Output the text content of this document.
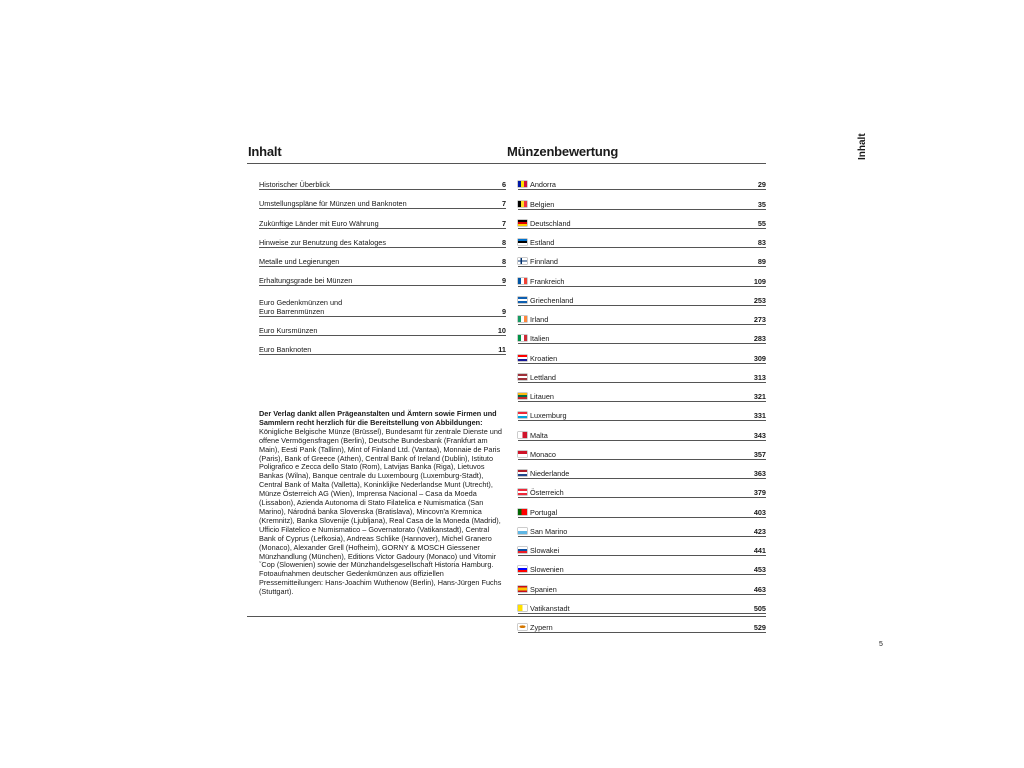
Inhalt	Münzenbewertung	Inhalt
Historischer Überblick	6
Umstellungspläne für Münzen und Banknoten	7
Zukünftige Länder mit Euro Währung	7
Hinweise zur Benutzung des Kataloges	8
Metalle und Legierungen	8
Erhaltungsgrade bei Münzen	9
Euro Gedenkmünzen und
Euro Barrenmünzen	9
Euro Kursmünzen	10
Euro Banknoten	11
Andorra	29
Belgien	35
Deutschland	55
Estland	83
Finnland	89
Frankreich	109
Griechenland	253
Irland	273
Italien	283
Kroatien	309
Lettland	313
Litauen	321
Luxemburg	331
Malta	343
Monaco	357
Niederlande	363
Österreich	379
Portugal	403
San Marino	423
Slowakei	441
Slowenien	453
Spanien	463
Vatikanstadt	505
Zypern	529
Der Verlag dankt allen Prägeanstalten und Ämtern sowie Firmen und Sammlern recht herzlich für die Bereitstellung von Abbildungen: Königliche Belgische Münze (Brüssel), Bundesamt für zentrale Dienste und offene Vermögensfragen (Berlin), Deutsche Bundesbank (Frankfurt am Main), Eesti Pank (Tallinn), Mint of Finland Ltd. (Vantaa), Monnaie de Paris (Paris), Bank of Greece (Athen), Central Bank of Ireland (Dublin), Istituto Poligrafico e Zecca dello Stato (Rom), Latvijas Banka (Riga), Lietuvos Bankas (Wilna), Banque centrale du Luxembourg (Luxemburg-Stadt), Central Bank of Malta (Valletta), Koninklijke Nederlandse Munt (Utrecht), Münze Österreich AG (Wien), Imprensa Nacional – Casa da Moeda (Lissabon), Azienda Autonoma di Stato Filatelica e Numismatica (San Marino), Národná banka Slovenska (Bratislava), Mincovn'a Kremnica (Kremnitz), Banka Slovenije (Ljubljana), Real Casa de la Moneda (Madrid), Ufficio Filatelico e Numismatico – Governatorato (Vatikanstadt), Central Bank of Cyprus (Lefkosia), Andreas Schlike (Hannover), Michel Granero (Monaco), Alexander Grell (Hofheim), GORNY & MOSCH Giessener Münzhandlung (München), Editions Victor Gadoury (Monaco) und Vitomir ˇCop (Slowenien) sowie der Münzhandelsgesellschaft Historia Hamburg. Fotoaufnahmen deutscher Gedenkmünzen aus offiziellen Pressemitteilungen: Hans-Joachim Wuthenow (Berlin), Hans-Jürgen Fuchs (Stuttgart).
5
